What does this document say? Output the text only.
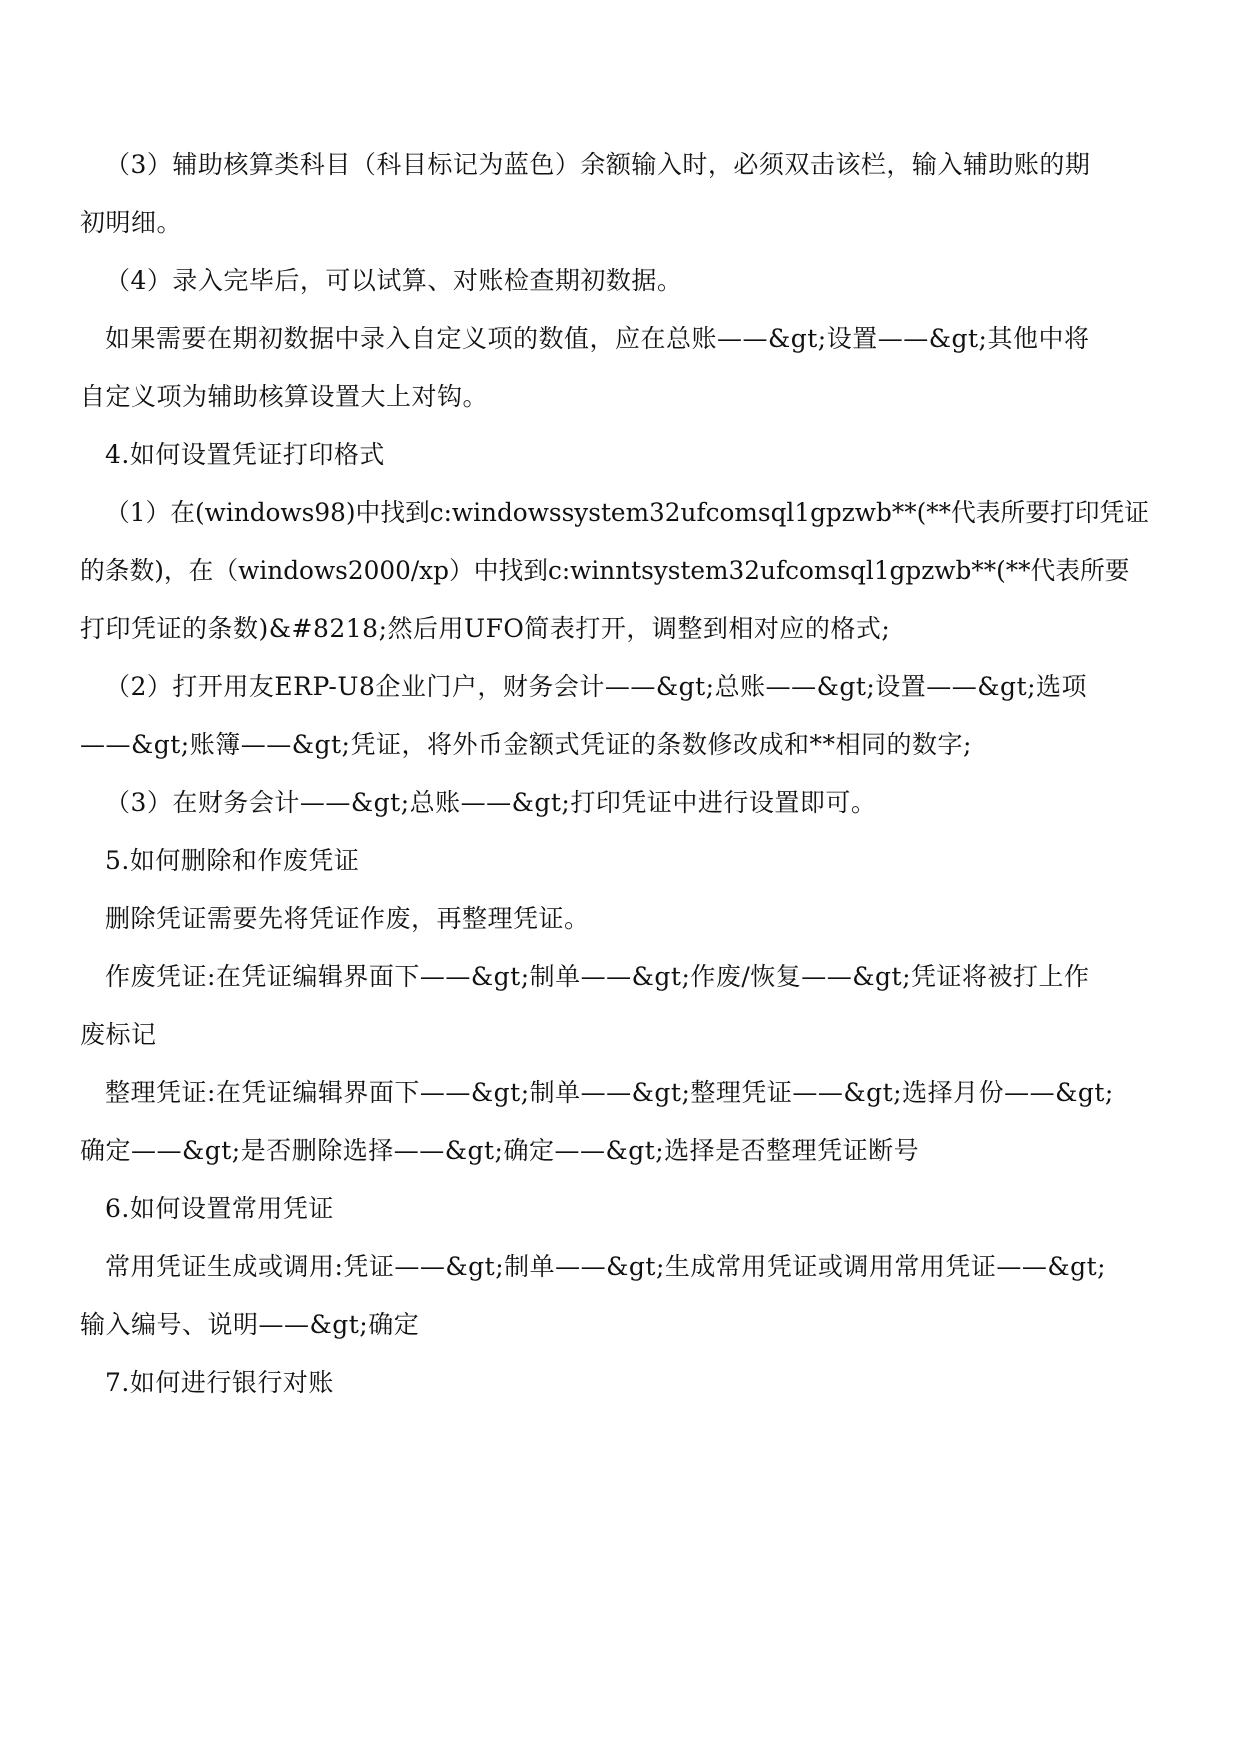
（3）辅助核算类科目（科目标记为蓝色）余额输入时，必须双击该栏，输入辅助账的期
初明细。
（4）录入完毕后，可以试算、对账检查期初数据。
如果需要在期初数据中录入自定义项的数值，应在总账——&gt;设置——&gt;其他中将
自定义项为辅助核算设置大上对钩。
4.如何设置凭证打印格式
（1）在(windows98)中找到c:windowssystem32ufcomsql1gpzwb**(**代表所要打印凭证
的条数)，在（windows2000/xp）中找到c:winntsystem32ufcomsql1gpzwb**(**代表所要
打印凭证的条数)&#8218;然后用UFO简表打开，调整到相对应的格式;
（2）打开用友ERP-U8企业门户，财务会计——&gt;总账——&gt;设置——&gt;选项
——&gt;账簿——&gt;凭证，将外币金额式凭证的条数修改成和**相同的数字;
（3）在财务会计——&gt;总账——&gt;打印凭证中进行设置即可。
5.如何删除和作废凭证
删除凭证需要先将凭证作废，再整理凭证。
作废凭证:在凭证编辑界面下——&gt;制单——&gt;作废/恢复——&gt;凭证将被打上作
废标记
整理凭证:在凭证编辑界面下——&gt;制单——&gt;整理凭证——&gt;选择月份——&gt;
确定——&gt;是否删除选择——&gt;确定——&gt;选择是否整理凭证断号
6.如何设置常用凭证
常用凭证生成或调用:凭证——&gt;制单——&gt;生成常用凭证或调用常用凭证——&gt;
输入编号、说明——&gt;确定
7.如何进行银行对账
